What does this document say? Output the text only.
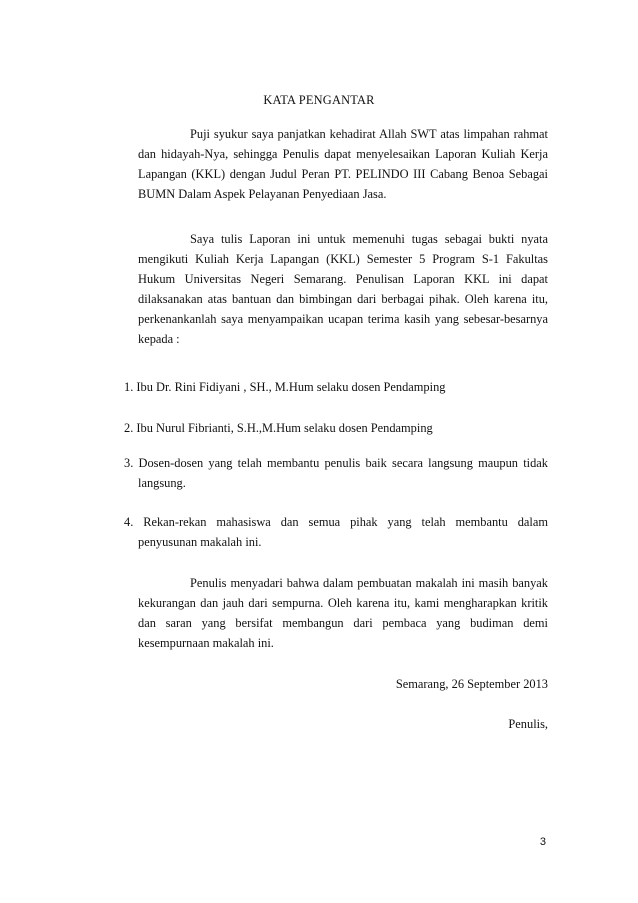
KATA PENGANTAR

Puji syukur saya panjatkan kehadirat Allah SWT atas limpahan rahmat dan hidayah-Nya, sehingga Penulis dapat menyelesaikan Laporan Kuliah Kerja Lapangan (KKL) dengan Judul Peran PT. PELINDO III Cabang Benoa Sebagai BUMN Dalam Aspek Pelayanan Penyediaan Jasa.

Saya tulis Laporan ini untuk memenuhi tugas sebagai bukti nyata mengikuti Kuliah Kerja Lapangan (KKL) Semester 5 Program S-1 Fakultas Hukum Universitas Negeri Semarang. Penulisan Laporan KKL ini dapat dilaksanakan atas bantuan dan bimbingan dari berbagai pihak. Oleh karena itu, perkenankanlah saya menyampaikan ucapan terima kasih yang sebesar-besarnya kepada :

1. Ibu Dr. Rini Fidiyani , SH., M.Hum selaku dosen Pendamping

2. Ibu Nurul Fibrianti, S.H.,M.Hum selaku dosen Pendamping

3. Dosen-dosen yang telah membantu penulis baik secara langsung maupun tidak langsung.

4. Rekan-rekan mahasiswa dan semua pihak yang telah membantu dalam penyusunan makalah ini.

Penulis menyadari bahwa dalam pembuatan makalah ini masih banyak kekurangan dan jauh dari sempurna. Oleh karena itu, kami mengharapkan kritik dan saran yang bersifat membangun dari pembaca yang budiman demi kesempurnaan makalah ini.

Semarang, 26 September 2013
Penulis,
3
